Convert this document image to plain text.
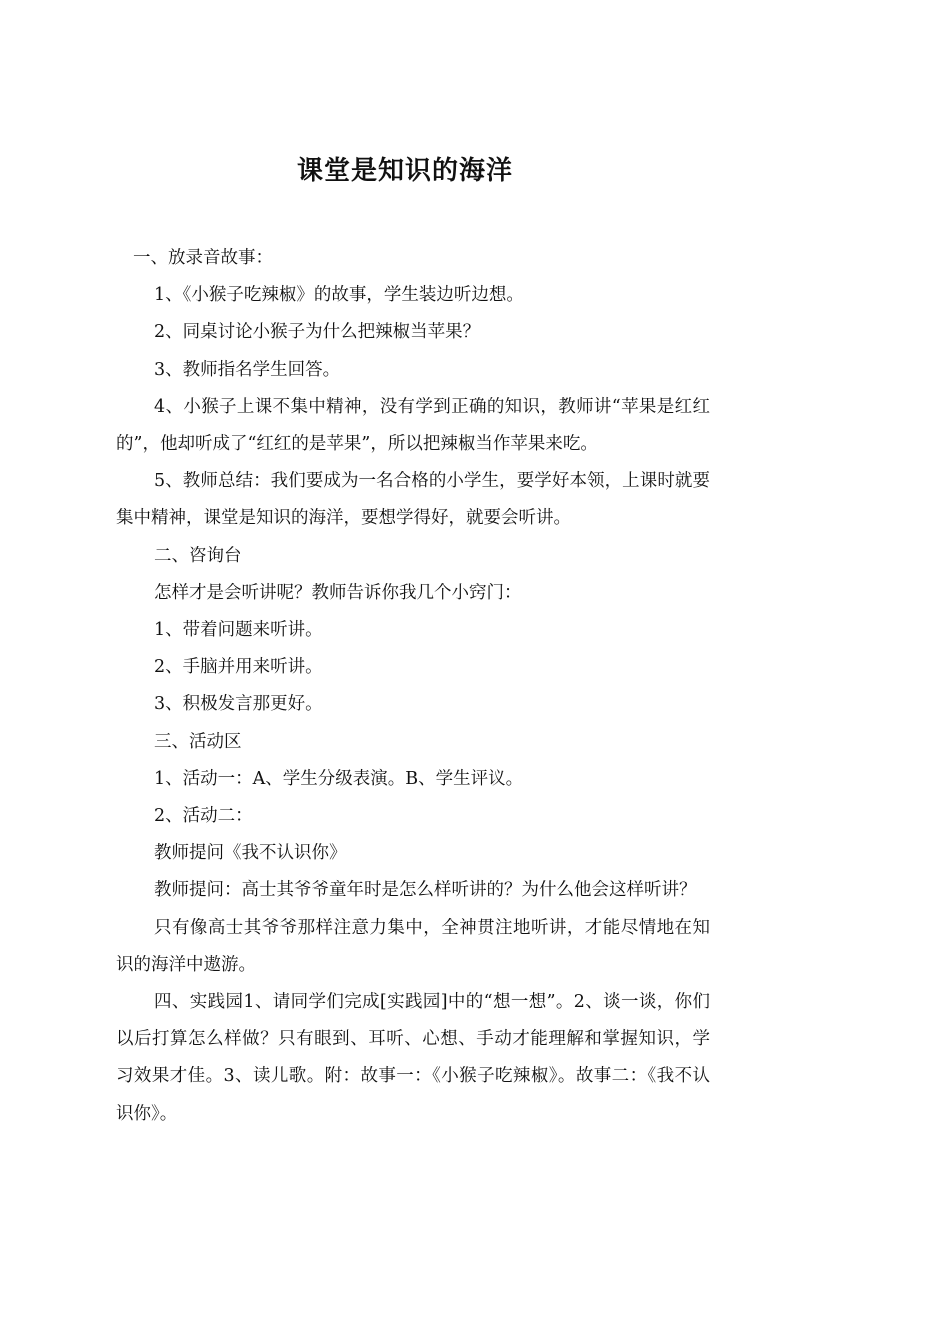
课堂是知识的海洋

一、放录音故事：

1、《小猴子吃辣椒》的故事，学生装边听边想。

2、同桌讨论小猴子为什么把辣椒当苹果？

3、教师指名学生回答。

4、小猴子上课不集中精神，没有学到正确的知识，教师讲“苹果是红红的”，他却听成了“红红的是苹果”，所以把辣椒当作苹果来吃。

5、教师总结：我们要成为一名合格的小学生，要学好本领，上课时就要集中精神，课堂是知识的海洋，要想学得好，就要会听讲。

二、咨询台

怎样才是会听讲呢？教师告诉你我几个小窍门：

1、带着问题来听讲。

2、手脑并用来听讲。

3、积极发言那更好。

三、活动区

1、活动一：A、学生分级表演。B、学生评议。

2、活动二：

教师提问《我不认识你》

教师提问：高士其爷爷童年时是怎么样听讲的？为什么他会这样听讲？

只有像高士其爷爷那样注意力集中，全神贯注地听讲，才能尽情地在知识的海洋中遨游。

四、实践园1、请同学们完成[实践园]中的“想一想”。2、谈一谈，你们以后打算怎么样做？只有眼到、耳听、心想、手动才能理解和掌握知识，学习效果才佳。3、读儿歌。附：故事一：《小猴子吃辣椒》。故事二：《我不认识你》。
